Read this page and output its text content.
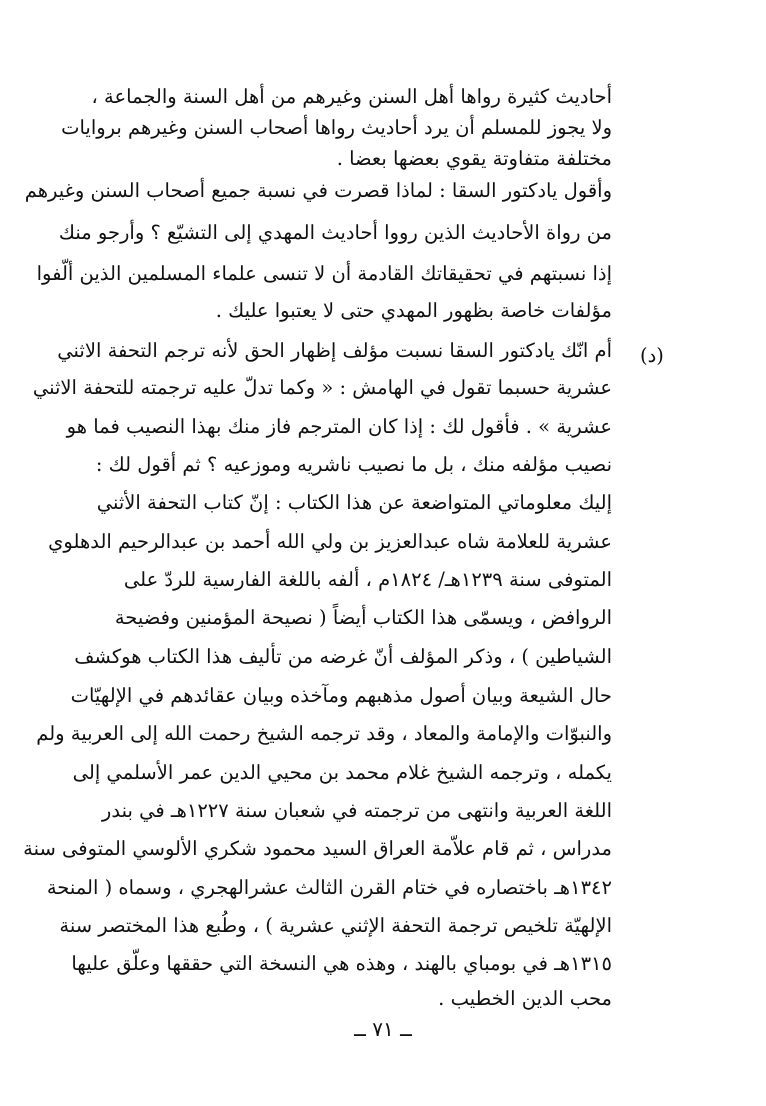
أحاديث كثيرة رواها أهل السنن وغيرهم من أهل السنة والجماعة ،
ولا يجوز للمسلم أن يرد أحاديث رواها أصحاب السنن وغيرهم بروايات
مختلفة متفاوتة يقوي بعضها بعضا .
وأقول يادكتور السقا : لماذا قصرت في نسبة جميع أصحاب السنن وغيرهم
من رواة الأحاديث الذين رووا أحاديث المهدي إلى التشيّع ؟ وأرجو منك
إذا نسبتهم في تحقيقاتك القادمة أن لا تنسى علماء المسلمين الذين ألّفوا
مؤلفات خاصة بظهور المهدي حتى لا يعتبوا عليك .
أم انّك يادكتور السقا نسبت مؤلف إظهار الحق لأنه ترجم التحفة الاثني
عشرية حسبما تقول في الهامش : « وكما تدلّ عليه ترجمته للتحفة الاثني
عشرية » . فأقول لك : إذا كان المترجم فاز منك بهذا النصيب فما هو
نصيب مؤلفه منك ، بل ما نصيب ناشريه وموزعيه ؟ ثم أقول لك :
إليك معلوماتي المتواضعة عن هذا الكتاب : إنّ كتاب التحفة الأثني
عشرية للعلامة شاه عبدالعزيز بن ولي الله أحمد بن عبدالرحيم الدهلوي
المتوفى سنة ١٢٣٩هـ/ ١٨٢٤م ، ألفه باللغة الفارسية للردّ على
الروافض ، ويسمّى هذا الكتاب أيضاً ( نصيحة المؤمنين وفضيحة
الشياطين ) ، وذكر المؤلف أنّ غرضه من تأليف هذا الكتاب هوكشف
حال الشيعة وبيان أصول مذهبهم ومآخذه وبيان عقائدهم في الإلهيّات
والنبوّات والإمامة والمعاد ، وقد ترجمه الشيخ رحمت الله إلى العربية ولم
يكمله ، وترجمه الشيخ غلام محمد بن محيي الدين عمر الأسلمي إلى
اللغة العربية وانتهى من ترجمته في شعبان سنة ١٢٢٧هـ في بندر
مدراس ، ثم قام علاّمة العراق السيد محمود شكري الألوسي المتوفى سنة
١٣٤٢هـ باختصاره في ختام القرن الثالث عشرالهجري ، وسماه ( المنحة
الإلهيّة تلخيص ترجمة التحفة الإثني عشرية ) ، وطُبع هذا المختصر سنة
١٣١٥هـ في بومباي بالهند ، وهذه هي النسخة التي حققها وعلّق عليها
محب الدين الخطيب .
(د)
ــ ٧١ ــ
